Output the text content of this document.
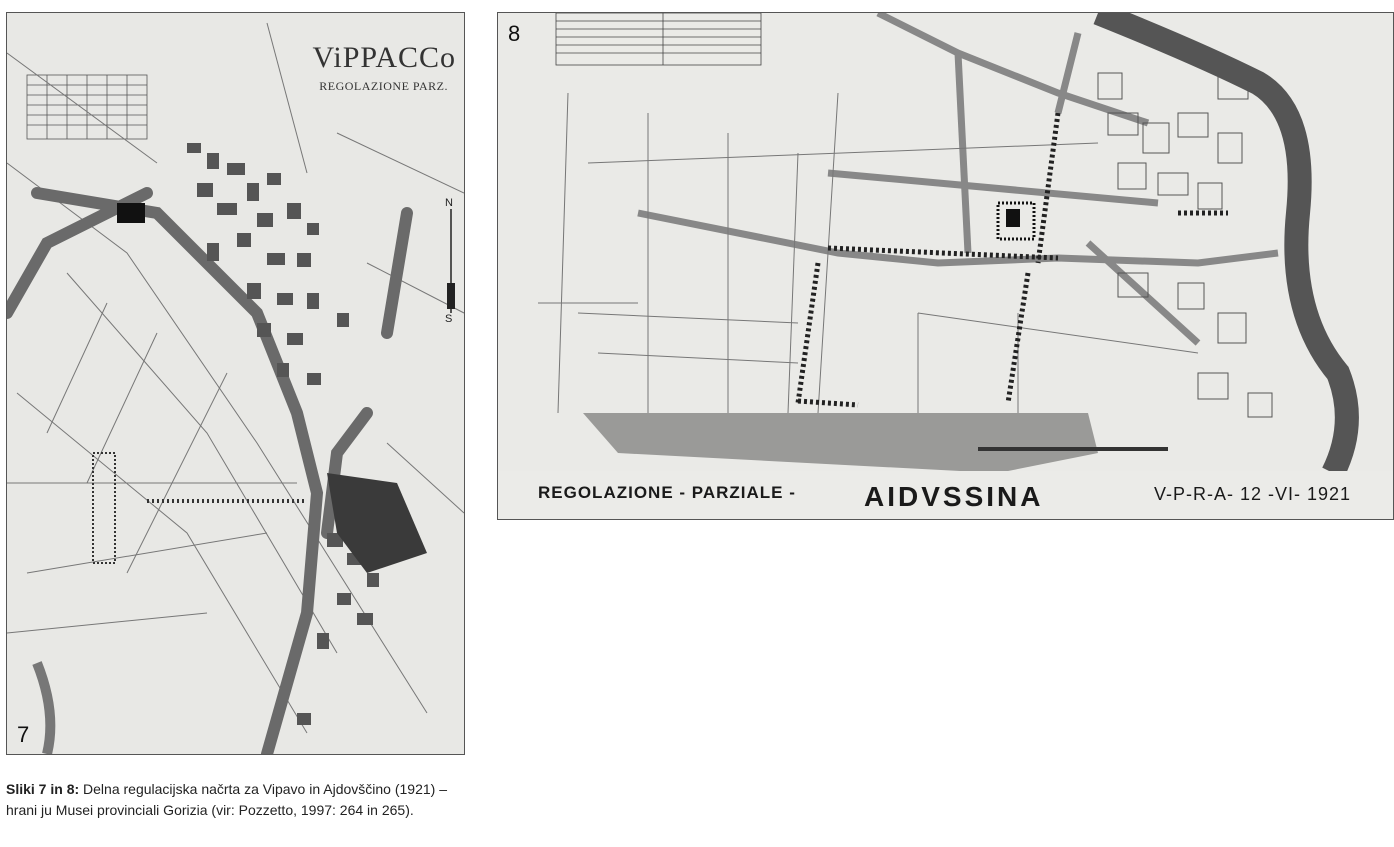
ViPPACCo
REGOLAZIONE PARZ.
N
S
7
8
REGOLAZIONE - PARZIALE - AIDVSSINA	V-P-R-A- 12 -VI- 1921
Sliki 7 in 8: Delna regulacijska načrta za Vipavo in Ajdovščino (1921) –
hrani ju Musei provinciali Gorizia (vir: Pozzetto, 1997: 264 in 265).
